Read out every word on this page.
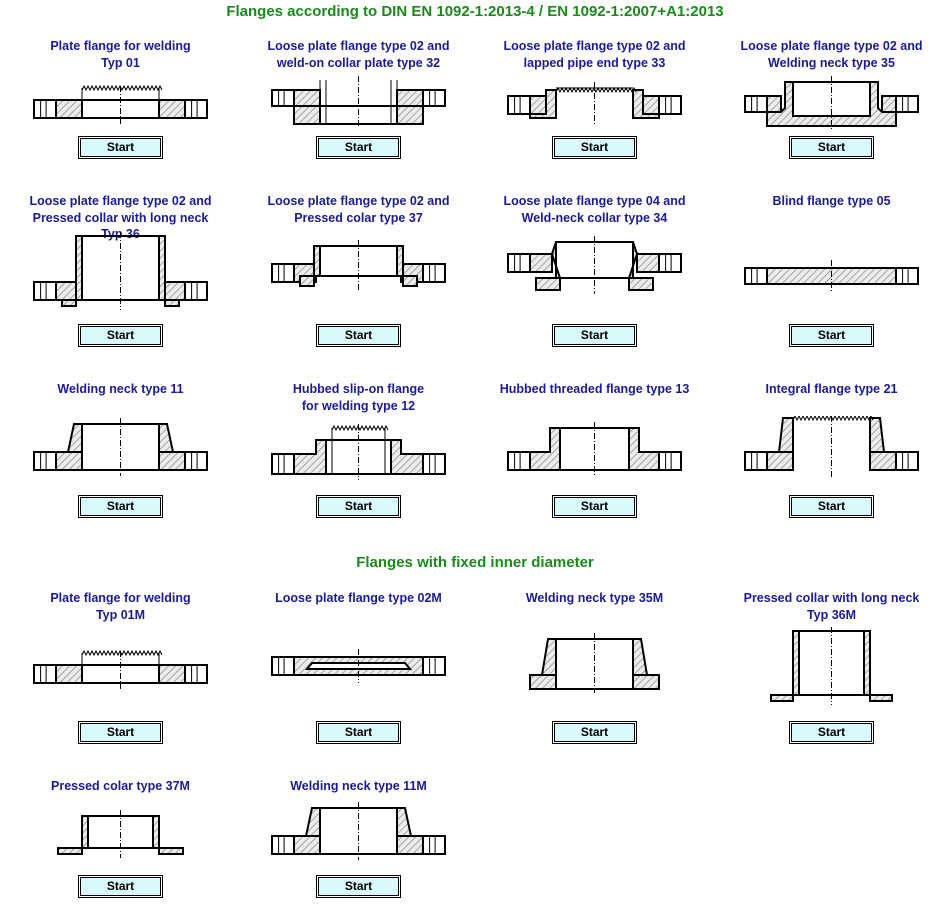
Flanges according to DIN EN 1092-1:2013-4 / EN 1092-1:2007+A1:2013
Flanges with fixed inner diameter
Plate flange for welding
Typ 01
Start
Loose plate flange type 02 and
weld-on collar plate type 32
Start
Loose plate flange type 02 and
lapped pipe end type 33
Start
Loose plate flange type 02 and
Welding neck type 35
Start
Loose plate flange type 02 and
Pressed collar with long neck
Typ 36
Start
Loose plate flange type 02 and
Pressed colar type 37
Start
Loose plate flange type 04 and
Weld-neck collar type 34
Start
Blind flange type 05
Start
Welding neck type 11
Start
Hubbed slip-on flange
for welding type 12
Start
Hubbed threaded flange type 13
Start
Integral flange type 21
Start
Plate flange for welding
Typ 01M
Start
Loose plate flange type 02M
Start
Welding neck type 35M
Start
Pressed collar with long neck
Typ 36M
Start
Pressed colar type 37M
Start
Welding neck type 11M
Start
